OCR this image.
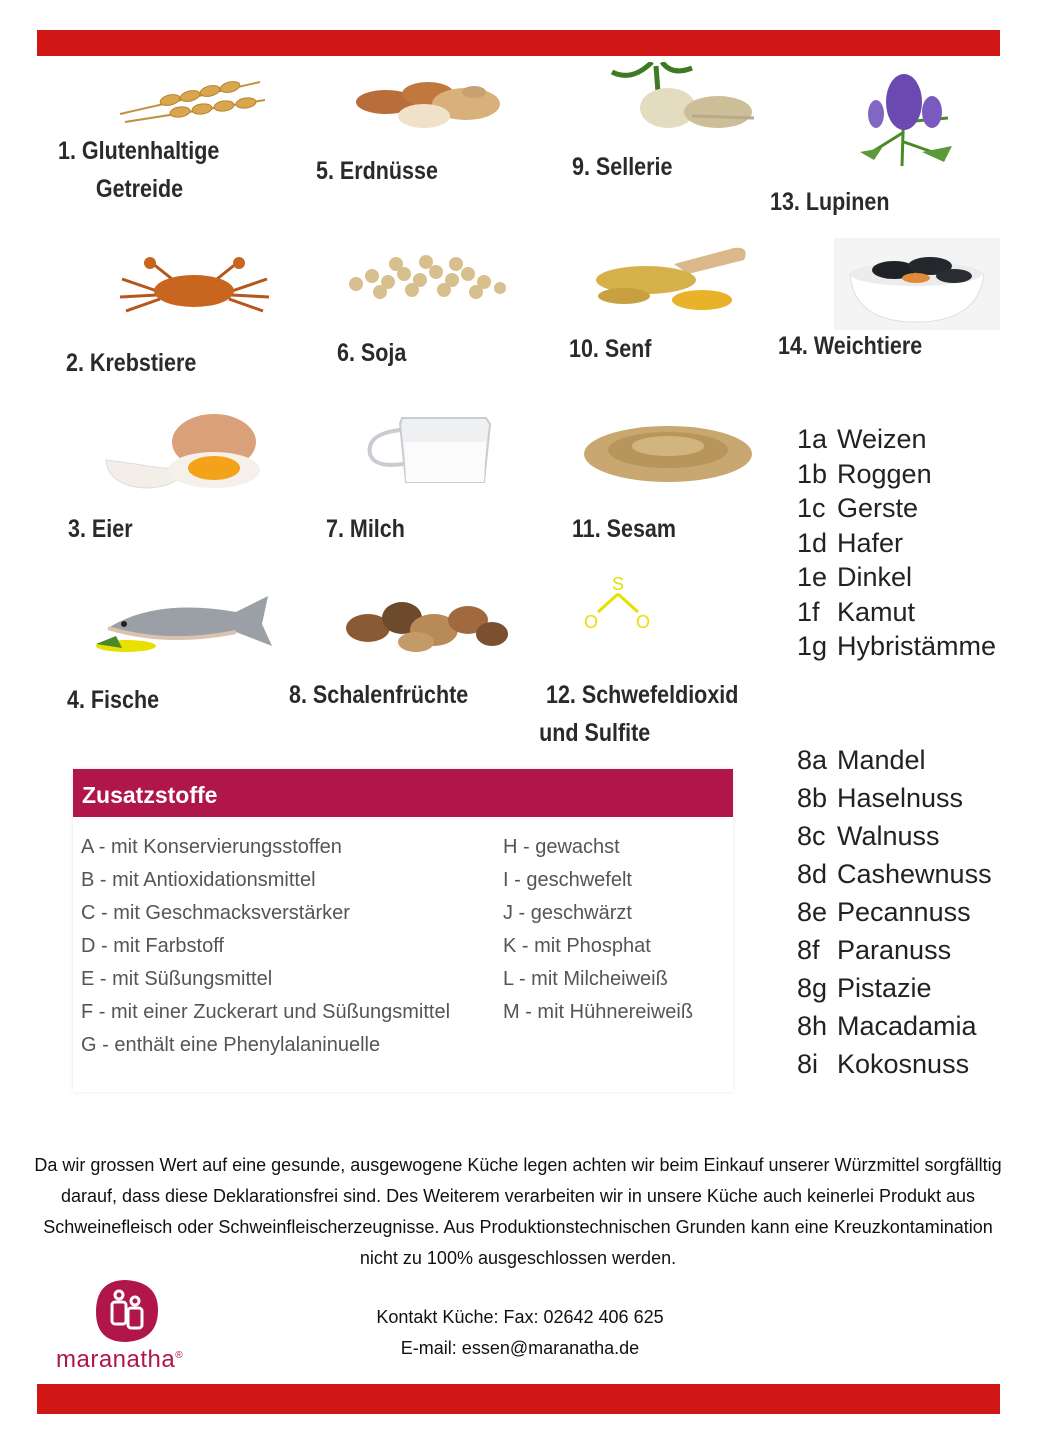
1. Glutenhaltige
Getreide
2. Krebstiere
3. Eier
4. Fische
5. Erdnüsse
6. Soja
7. Milch
8. Schalenfrüchte
9. Sellerie
10. Senf
11. Sesam
S
O O
12. Schwefeldioxid
und Sulfite
13. Lupinen
14. Weichtiere
1a Weizen
1b Roggen
1c Gerste
1d Hafer
1e Dinkel
1f Kamut
1g Hybristämme
8a Mandel
8b Haselnuss
8c Walnuss
8d Cashewnuss
8e Pecannuss
8f Paranuss
8g Pistazie
8h Macadamia
8i Kokosnuss
Zusatzstoffe
A - mit Konservierungsstoffen
B - mit Antioxidationsmittel
C - mit Geschmacksverstärker
D - mit Farbstoff
E - mit Süßungsmittel
F - mit einer Zuckerart und Süßungsmittel
G - enthält eine Phenylalaninuelle
H - gewachst
I - geschwefelt
J - geschwärzt
K - mit Phosphat
L - mit Milcheiweiß
M - mit Hühnereiweiß
Da wir grossen Wert auf eine gesunde, ausgewogene Küche legen achten wir beim Einkauf unserer Würzmittel sorgfälltig
darauf, dass diese Deklarationsfrei sind. Des Weiterem verarbeiten wir in unsere Küche auch keinerlei Produkt aus
Schweinefleisch oder Schweinfleischerzeugnisse. Aus Produktionstechnischen Grunden kann eine Kreuzkontamination
nicht zu 100% ausgeschlossen werden.
maranatha®
Kontakt Küche: Fax: 02642 406 625
E-mail: essen@maranatha.de
